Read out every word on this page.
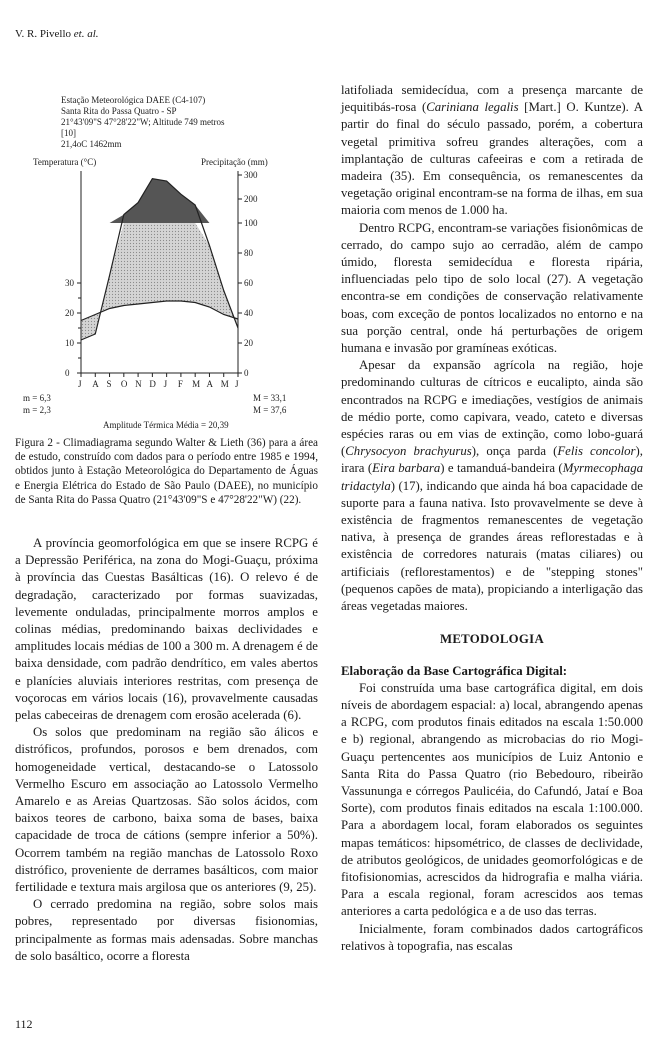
V. R. Pivello et. al.
Estação Meteorológica DAEE (C4-107)
Santa Rita do Passa Quatro - SP
21°43'09"S 47°28'22"W; Altitude 749 metros
[10]
21,4oC 1462mm
Temperatura (°C)	Precipitação (mm)
30
20
10
0
300
200
100
80
60
40
20
0
J A S O N D J F M A M J
m = 6,3
m = 2,3
M = 33,1
M = 37,6
Amplitude Térmica Média = 20,39
Figura 2 - Climadiagrama segundo Walter & Lieth (36) para a área de estudo, construído com dados para o período entre 1985 e 1994, obtidos junto à Estação Meteorológica do Departamento de Águas e Energia Elétrica do Estado de São Paulo (DAEE), no município de Santa Rita do Passa Quatro (21°43'09"S e 47°28'22"W) (22).

A província geomorfológica em que se insere RCPG é a Depressão Periférica, na zona do Mogi-Guaçu, próxima à província das Cuestas Basálticas (16). O relevo é de degradação, caracterizado por formas suavizadas, levemente onduladas, principalmente morros amplos e colinas médias, predominando baixas declividades e amplitudes locais médias de 100 a 300 m. A drenagem é de baixa densidade, com padrão dendrítico, em vales abertos e planícies aluviais interiores restritas, com presença de voçorocas em vários locais (16), provavelmente causadas pelas cabeceiras de drenagem com erosão acelerada (6).

Os solos que predominam na região são álicos e distróficos, profundos, porosos e bem drenados, com homogeneidade vertical, destacando-se o Latossolo Vermelho Escuro em associação ao Latossolo Vermelho Amarelo e as Areias Quartzosas. São solos ácidos, com baixos teores de carbono, baixa soma de bases, baixa capacidade de troca de cátions (sempre inferior a 50%). Ocorrem também na região manchas de Latossolo Roxo distrófico, proveniente de derrames basálticos, com maior fertilidade e textura mais argilosa que os anteriores (9, 25).

O cerrado predomina na região, sobre solos mais pobres, representado por diversas fisionomias, principalmente as formas mais adensadas. Sobre manchas de solo basáltico, ocorre a floresta

latifoliada semidecídua, com a presença marcante de jequitibás-rosa (Cariniana legalis [Mart.] O. Kuntze). A partir do final do século passado, porém, a cobertura vegetal primitiva sofreu grandes alterações, com a implantação de culturas cafeeiras e com a retirada de madeira (35). Em consequência, os remanescentes da vegetação original encontram-se na forma de ilhas, em sua maioria com menos de 1.000 ha.

Dentro RCPG, encontram-se variações fisionômicas de cerrado, do campo sujo ao cerradão, além de campo úmido, floresta semidecídua e floresta ripária, influenciadas pelo tipo de solo local (27). A vegetação encontra-se em condições de conservação relativamente boas, com exceção de pontos localizados no entorno e na sua porção central, onde há perturbações de origem humana e invasão por gramíneas exóticas.

Apesar da expansão agrícola na região, hoje predominando culturas de cítricos e eucalipto, ainda são encontrados na RCPG e imediações, vestígios de animais de médio porte, como capivara, veado, cateto e diversas espécies raras ou em vias de extinção, como lobo-guará (Chrysocyon brachyurus), onça parda (Felis concolor), irara (Eira barbara) e tamanduá-bandeira (Myrmecophaga tridactyla) (17), indicando que ainda há boa capacidade de suporte para a fauna nativa. Isto provavelmente se deve à existência de fragmentos remanescentes de vegetação nativa, à presença de grandes áreas reflorestadas e à existência de corredores naturais (matas ciliares) ou artificiais (reflorestamentos) e de "stepping stones" (pequenos capões de mata), propiciando a interligação das áreas vegetadas maiores.

METODOLOGIA

Elaboração da Base Cartográfica Digital:

Foi construída uma base cartográfica digital, em dois níveis de abordagem espacial: a) local, abrangendo apenas a RCPG, com produtos finais editados na escala 1:50.000 e b) regional, abrangendo as microbacias do rio Mogi-Guaçu pertencentes aos municípios de Luiz Antonio e Santa Rita do Passa Quatro (rio Bebedouro, ribeirão Vassununga e córregos Paulicéia, do Cafundó, Jataí e Boa Sorte), com produtos finais editados na escala 1:100.000. Para a abordagem local, foram elaborados os seguintes mapas temáticos: hipsométrico, de classes de declividade, de atributos geológicos, de unidades geomorfológicas e de fitofisionomias, acrescidos da hidrografia e malha viária. Para a escala regional, foram acrescidos aos temas anteriores a carta pedológica e a de uso das terras.

Inicialmente, foram combinados dados cartográficos relativos à topografia, nas escalas

112
